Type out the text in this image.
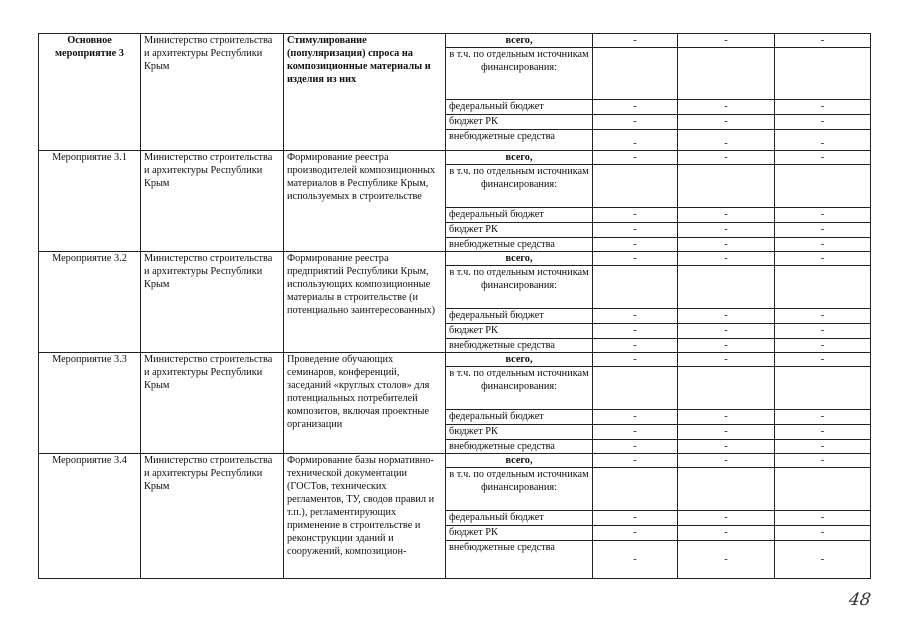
Основное мероприятие 3	Министерство строительства и архитектуры Республики Крым	Стимулирование (популяризация) спроса на композиционные материалы и изделия из них	всего,	-	-	-
			в т.ч. по отдельным источникам финансирования:			
			федеральный бюджет	-	-	-
			бюджет РК	-	-	-
			внебюджетные средства	-	-	-
Мероприятие 3.1	Министерство строительства и архитектуры Республики Крым	Формирование реестра производителей композиционных материалов в Республике Крым, используемых в строительстве	всего,	-	-	-
			в т.ч. по отдельным источникам финансирования:			
			федеральный бюджет	-	-	-
			бюджет РК	-	-	-
			внебюджетные средства	-	-	-
Мероприятие 3.2	Министерство строительства и архитектуры Республики Крым	Формирование реестра предприятий Республики Крым, использующих композиционные материалы в строительстве (и потенциально заинтересованных)	всего,	-	-	-
			в т.ч. по отдельным источникам финансирования:			
			федеральный бюджет	-	-	-
			бюджет РК	-	-	-
			внебюджетные средства	-	-	-
Мероприятие 3.3	Министерство строительства и архитектуры Республики Крым	Проведение обучающих семинаров, конференций, заседаний «круглых столов» для потенциальных потребителей композитов, включая проектные организации	всего,	-	-	-
			в т.ч. по отдельным источникам финансирования:			
			федеральный бюджет	-	-	-
			бюджет РК	-	-	-
			внебюджетные средства	-	-	-
Мероприятие 3.4	Министерство строительства и архитектуры Республики Крым	Формирование базы нормативно-технической документации (ГОСТов, технических регламентов, ТУ, сводов правил и т.п.), регламентирующих применение в строительстве и реконструкции зданий и сооружений, композицион-	всего,	-	-	-
			в т.ч. по отдельным источникам финансирования:			
			федеральный бюджет	-	-	-
			бюджет РК	-	-	-
			внебюджетные средства	-	-	-
48
